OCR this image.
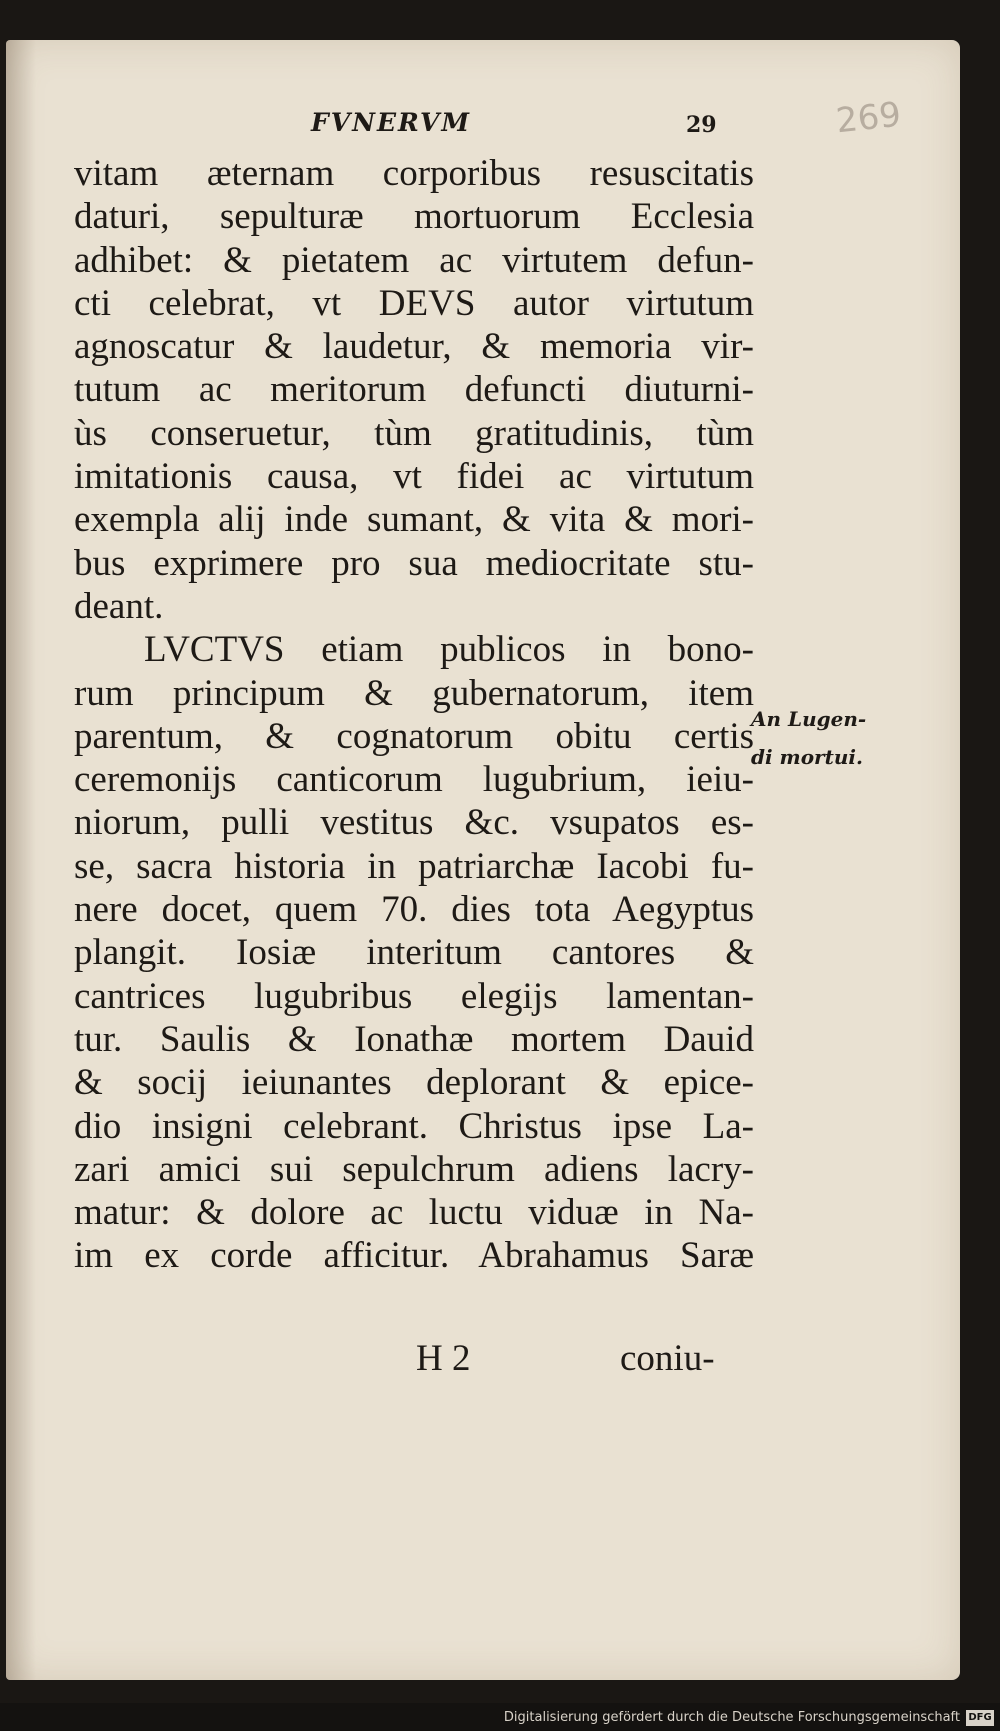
FVNERVM	29	269
vitam æternam corporibus resuscitatis
daturi, sepulturæ mortuorum Ecclesia
adhibet: & pietatem ac virtutem defun-
cti celebrat, vt DEVS autor virtutum
agnoscatur & laudetur, & memoria vir-
tutum ac meritorum defuncti diuturni-
ùs conseruetur, tùm gratitudinis, tùm
imitationis causa, vt fidei ac virtutum
exempla alij inde sumant, & vita & mori-
bus exprimere pro sua mediocritate stu-
deant.
LVCTVS etiam publicos in bono-
rum principum & gubernatorum, item
parentum, & cognatorum obitu certis
ceremonijs canticorum lugubrium, ieiu-
niorum, pulli vestitus &c. vsupatos es-
se, sacra historia in patriarchæ Iacobi fu-
nere docet, quem 70. dies tota Aegyptus
plangit. Iosiæ interitum cantores &
cantrices lugubribus elegijs lamentan-
tur. Saulis & Ionathæ mortem Dauid
& socij ieiunantes deplorant & epice-
dio insigni celebrant. Christus ipse La-
zari amici sui sepulchrum adiens lacry-
matur: & dolore ac luctu viduæ in Na-
im ex corde afficitur. Abrahamus Saræ
An Lugen-
di mortui.
H 2	coniu-
Digitalisierung gefördert durch die Deutsche Forschungsgemeinschaft DFG
